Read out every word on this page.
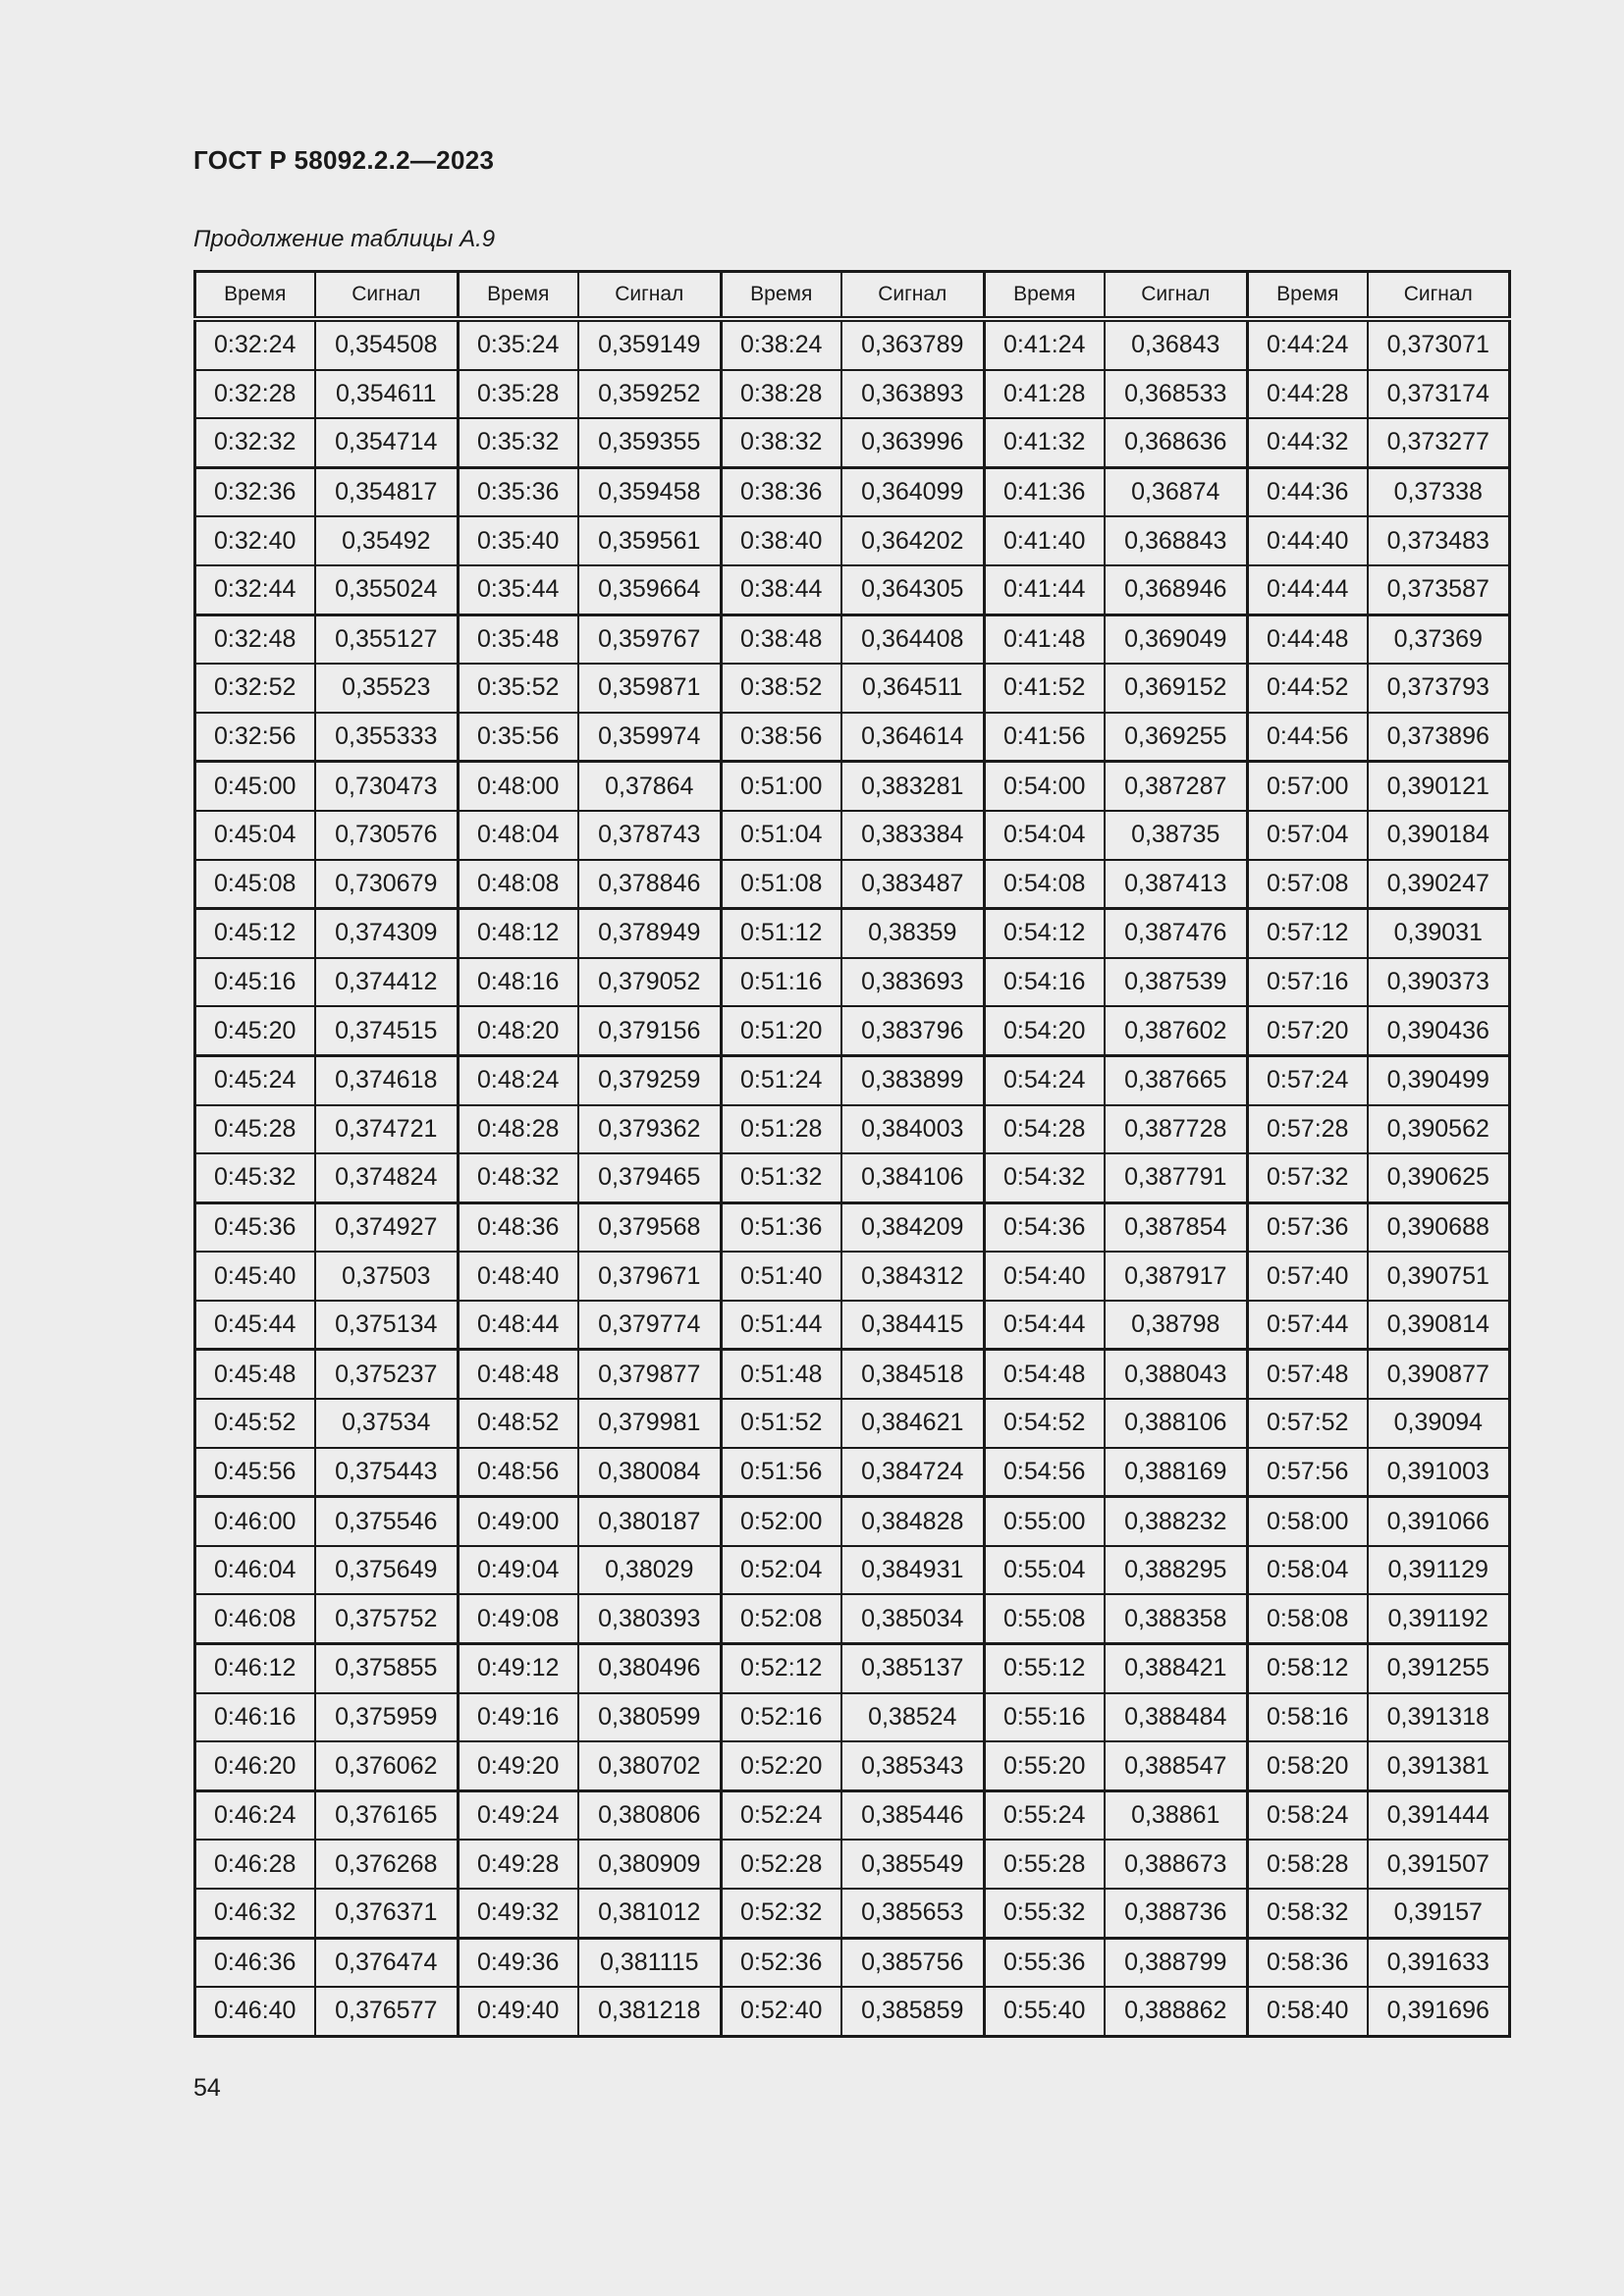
ГОСТ Р 58092.2.2—2023
Продолжение таблицы А.9
Время	Сигнал	Время	Сигнал	Время	Сигнал	Время	Сигнал	Время	Сигнал
0:32:24	0,354508	0:35:24	0,359149	0:38:24	0,363789	0:41:24	0,36843	0:44:24	0,373071
0:32:28	0,354611	0:35:28	0,359252	0:38:28	0,363893	0:41:28	0,368533	0:44:28	0,373174
0:32:32	0,354714	0:35:32	0,359355	0:38:32	0,363996	0:41:32	0,368636	0:44:32	0,373277
0:32:36	0,354817	0:35:36	0,359458	0:38:36	0,364099	0:41:36	0,36874	0:44:36	0,37338
0:32:40	0,35492	0:35:40	0,359561	0:38:40	0,364202	0:41:40	0,368843	0:44:40	0,373483
0:32:44	0,355024	0:35:44	0,359664	0:38:44	0,364305	0:41:44	0,368946	0:44:44	0,373587
0:32:48	0,355127	0:35:48	0,359767	0:38:48	0,364408	0:41:48	0,369049	0:44:48	0,37369
0:32:52	0,35523	0:35:52	0,359871	0:38:52	0,364511	0:41:52	0,369152	0:44:52	0,373793
0:32:56	0,355333	0:35:56	0,359974	0:38:56	0,364614	0:41:56	0,369255	0:44:56	0,373896
0:45:00	0,730473	0:48:00	0,37864	0:51:00	0,383281	0:54:00	0,387287	0:57:00	0,390121
0:45:04	0,730576	0:48:04	0,378743	0:51:04	0,383384	0:54:04	0,38735	0:57:04	0,390184
0:45:08	0,730679	0:48:08	0,378846	0:51:08	0,383487	0:54:08	0,387413	0:57:08	0,390247
0:45:12	0,374309	0:48:12	0,378949	0:51:12	0,38359	0:54:12	0,387476	0:57:12	0,39031
0:45:16	0,374412	0:48:16	0,379052	0:51:16	0,383693	0:54:16	0,387539	0:57:16	0,390373
0:45:20	0,374515	0:48:20	0,379156	0:51:20	0,383796	0:54:20	0,387602	0:57:20	0,390436
0:45:24	0,374618	0:48:24	0,379259	0:51:24	0,383899	0:54:24	0,387665	0:57:24	0,390499
0:45:28	0,374721	0:48:28	0,379362	0:51:28	0,384003	0:54:28	0,387728	0:57:28	0,390562
0:45:32	0,374824	0:48:32	0,379465	0:51:32	0,384106	0:54:32	0,387791	0:57:32	0,390625
0:45:36	0,374927	0:48:36	0,379568	0:51:36	0,384209	0:54:36	0,387854	0:57:36	0,390688
0:45:40	0,37503	0:48:40	0,379671	0:51:40	0,384312	0:54:40	0,387917	0:57:40	0,390751
0:45:44	0,375134	0:48:44	0,379774	0:51:44	0,384415	0:54:44	0,38798	0:57:44	0,390814
0:45:48	0,375237	0:48:48	0,379877	0:51:48	0,384518	0:54:48	0,388043	0:57:48	0,390877
0:45:52	0,37534	0:48:52	0,379981	0:51:52	0,384621	0:54:52	0,388106	0:57:52	0,39094
0:45:56	0,375443	0:48:56	0,380084	0:51:56	0,384724	0:54:56	0,388169	0:57:56	0,391003
0:46:00	0,375546	0:49:00	0,380187	0:52:00	0,384828	0:55:00	0,388232	0:58:00	0,391066
0:46:04	0,375649	0:49:04	0,38029	0:52:04	0,384931	0:55:04	0,388295	0:58:04	0,391129
0:46:08	0,375752	0:49:08	0,380393	0:52:08	0,385034	0:55:08	0,388358	0:58:08	0,391192
0:46:12	0,375855	0:49:12	0,380496	0:52:12	0,385137	0:55:12	0,388421	0:58:12	0,391255
0:46:16	0,375959	0:49:16	0,380599	0:52:16	0,38524	0:55:16	0,388484	0:58:16	0,391318
0:46:20	0,376062	0:49:20	0,380702	0:52:20	0,385343	0:55:20	0,388547	0:58:20	0,391381
0:46:24	0,376165	0:49:24	0,380806	0:52:24	0,385446	0:55:24	0,38861	0:58:24	0,391444
0:46:28	0,376268	0:49:28	0,380909	0:52:28	0,385549	0:55:28	0,388673	0:58:28	0,391507
0:46:32	0,376371	0:49:32	0,381012	0:52:32	0,385653	0:55:32	0,388736	0:58:32	0,39157
0:46:36	0,376474	0:49:36	0,381115	0:52:36	0,385756	0:55:36	0,388799	0:58:36	0,391633
0:46:40	0,376577	0:49:40	0,381218	0:52:40	0,385859	0:55:40	0,388862	0:58:40	0,391696
54
